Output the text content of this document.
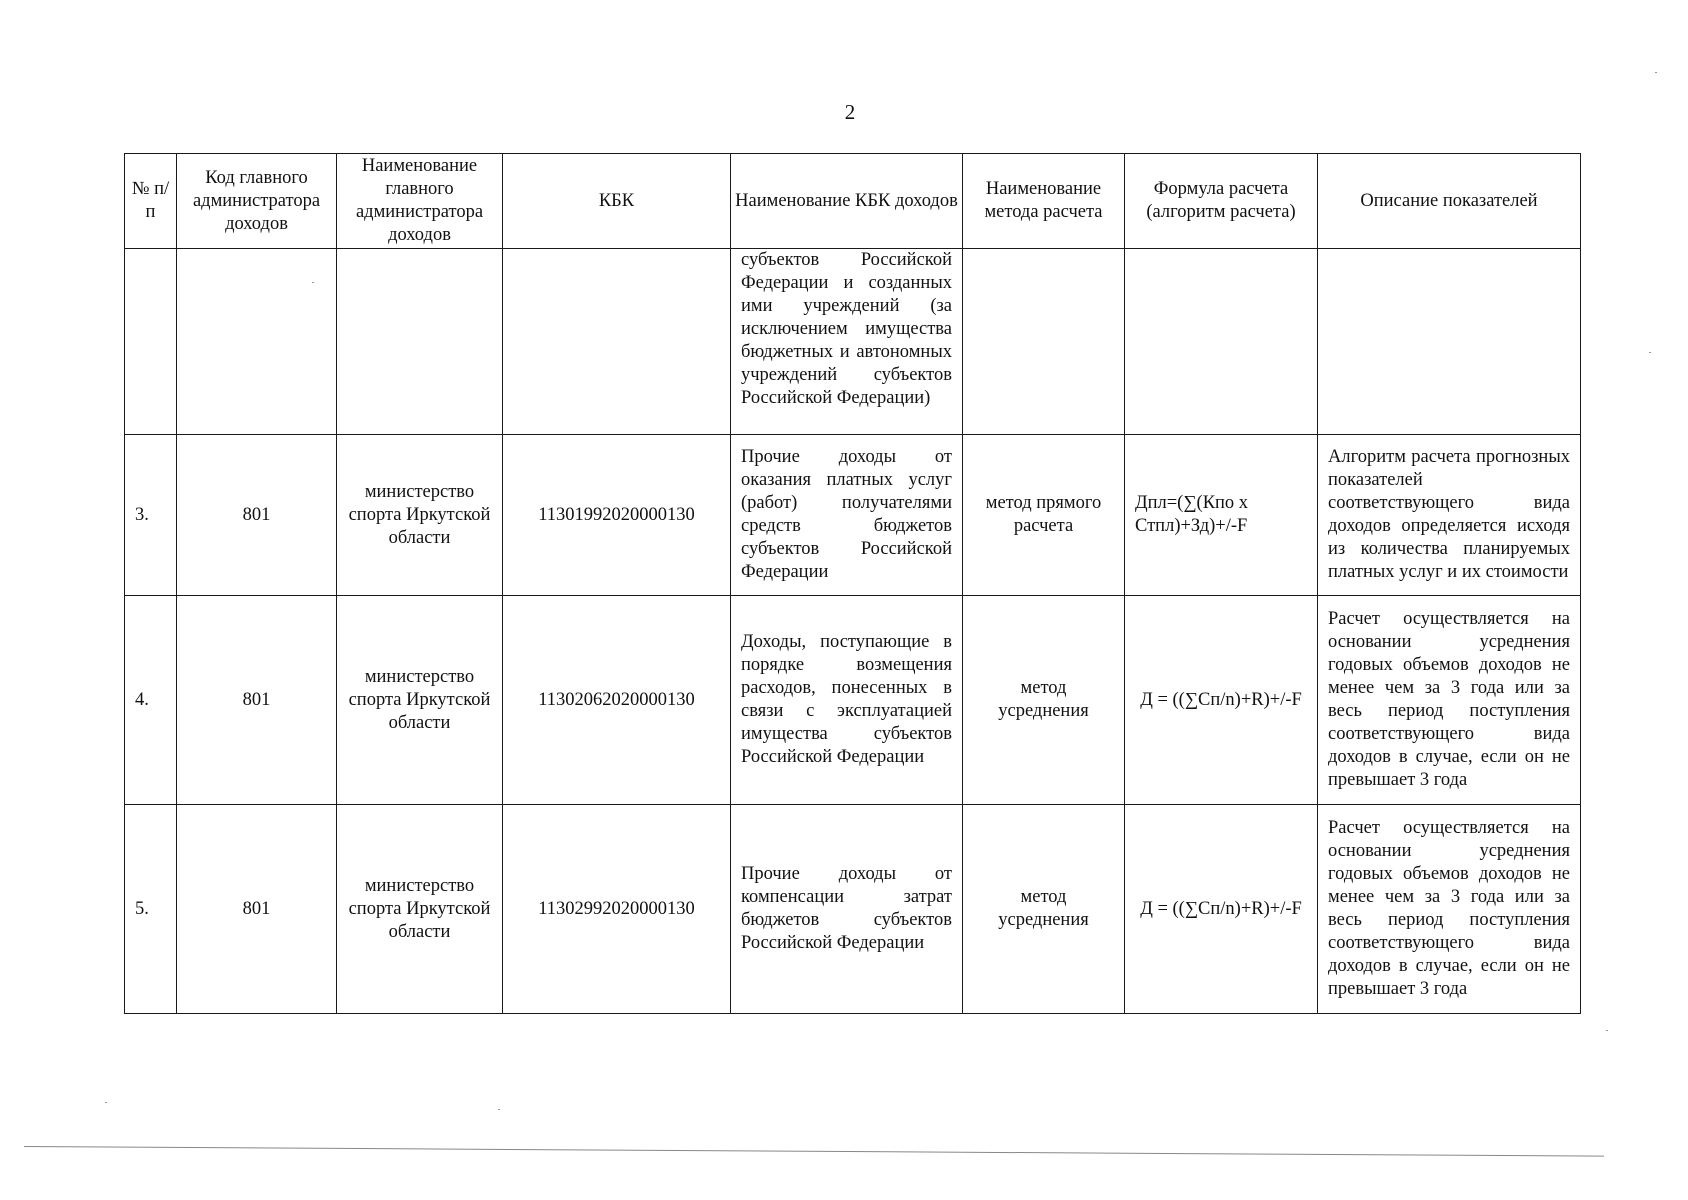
2
№ п/п	Код главного администратора доходов	Наименование главного администратора доходов	КБК	Наименование КБК доходов	Наименование метода расчета	Формула расчета (алгоритм расчета)	Описание показателей
				субъектов Российской Федерации и созданных ими учреждений (за исключением имущества бюджетных и автономных учреждений субъектов Российской Федерации)			
3.	801	министерство спорта Иркутской области	11301992020000130	Прочие доходы от оказания платных услуг (работ) получателями средств бюджетов субъектов Российской Федерации	метод прямого расчета	Дпл=(∑(Кпо х Стпл)+Зд)+/-F	Алгоритм расчета прогнозных показателей соответствующего вида доходов определяется исходя из количества планируемых платных услуг и их стоимости
4.	801	министерство спорта Иркутской области	11302062020000130	Доходы, поступающие в порядке возмещения расходов, понесенных в связи с эксплуатацией имущества субъектов Российской Федерации	метод усреднения	Д = ((∑Сп/n)+R)+/-F	Расчет осуществляется на основании усреднения годовых объемов доходов не менее чем за 3 года или за весь период поступления соответствующего вида доходов в случае, если он не превышает 3 года
5.	801	министерство спорта Иркутской области	11302992020000130	Прочие доходы от компенсации затрат бюджетов субъектов Российской Федерации	метод усреднения	Д = ((∑Сп/n)+R)+/-F	Расчет осуществляется на основании усреднения годовых объемов доходов не менее чем за 3 года или за весь период поступления соответствующего вида доходов в случае, если он не превышает 3 года
